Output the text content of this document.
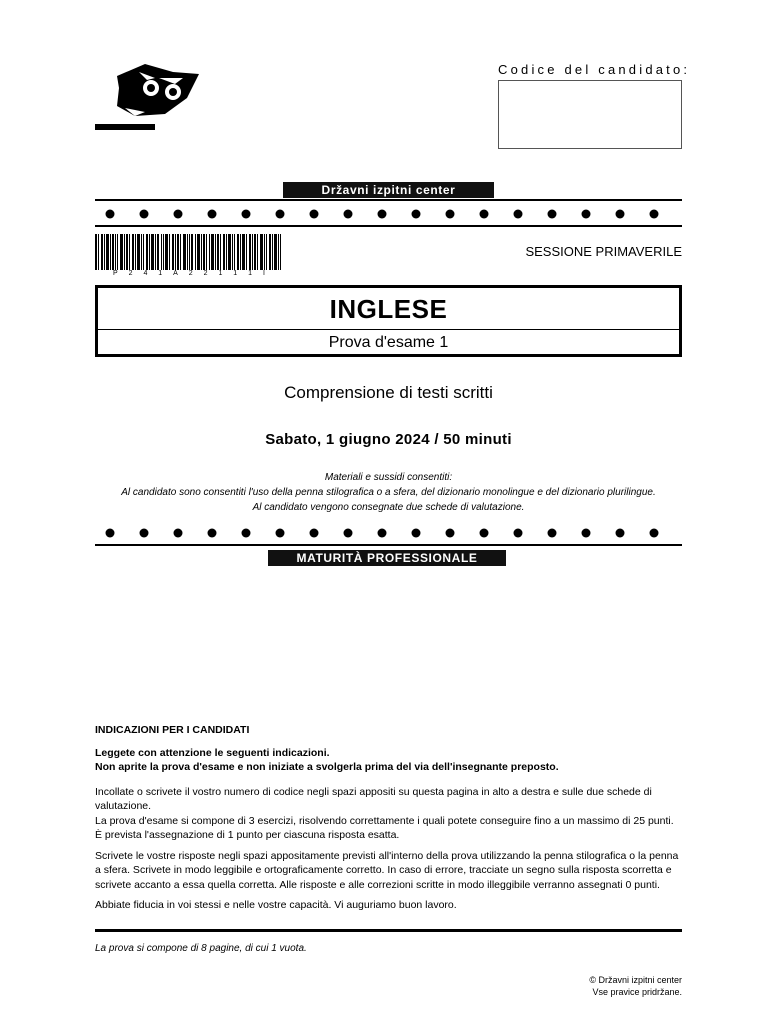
Codice del candidato:
Državni izpitni center
P 2 4 1 A 2 2 1 1 1 I
SESSIONE PRIMAVERILE
INGLESE
Prova d'esame 1
Comprensione di testi scritti
Sabato, 1 giugno 2024 / 50 minuti
Materiali e sussidi consentiti:
Al candidato sono consentiti l'uso della penna stilografica o a sfera, del dizionario monolingue e del dizionario plurilingue.
Al candidato vengono consegnate due schede di valutazione.
MATURITÀ PROFESSIONALE

INDICAZIONI PER I CANDIDATI

Leggete con attenzione le seguenti indicazioni.

Non aprite la prova d'esame e non iniziate a svolgerla prima del via dell'insegnante preposto.

Incollate o scrivete il vostro numero di codice negli spazi appositi su questa pagina in alto a destra e sulle due schede di valutazione.

La prova d'esame si compone di 3 esercizi, risolvendo correttamente i quali potete conseguire fino a un massimo di 25 punti.

È prevista l'assegnazione di 1 punto per ciascuna risposta esatta.

Scrivete le vostre risposte negli spazi appositamente previsti all'interno della prova utilizzando la penna stilografica o la penna a sfera. Scrivete in modo leggibile e ortograficamente corretto. In caso di errore, tracciate un segno sulla risposta scorretta e scrivete accanto a essa quella corretta. Alle risposte e alle correzioni scritte in modo illeggibile verranno assegnati 0 punti.

Abbiate fiducia in voi stessi e nelle vostre capacità. Vi auguriamo buon lavoro.

La prova si compone di 8 pagine, di cui 1 vuota.
© Državni izpitni center
Vse pravice pridržane.
